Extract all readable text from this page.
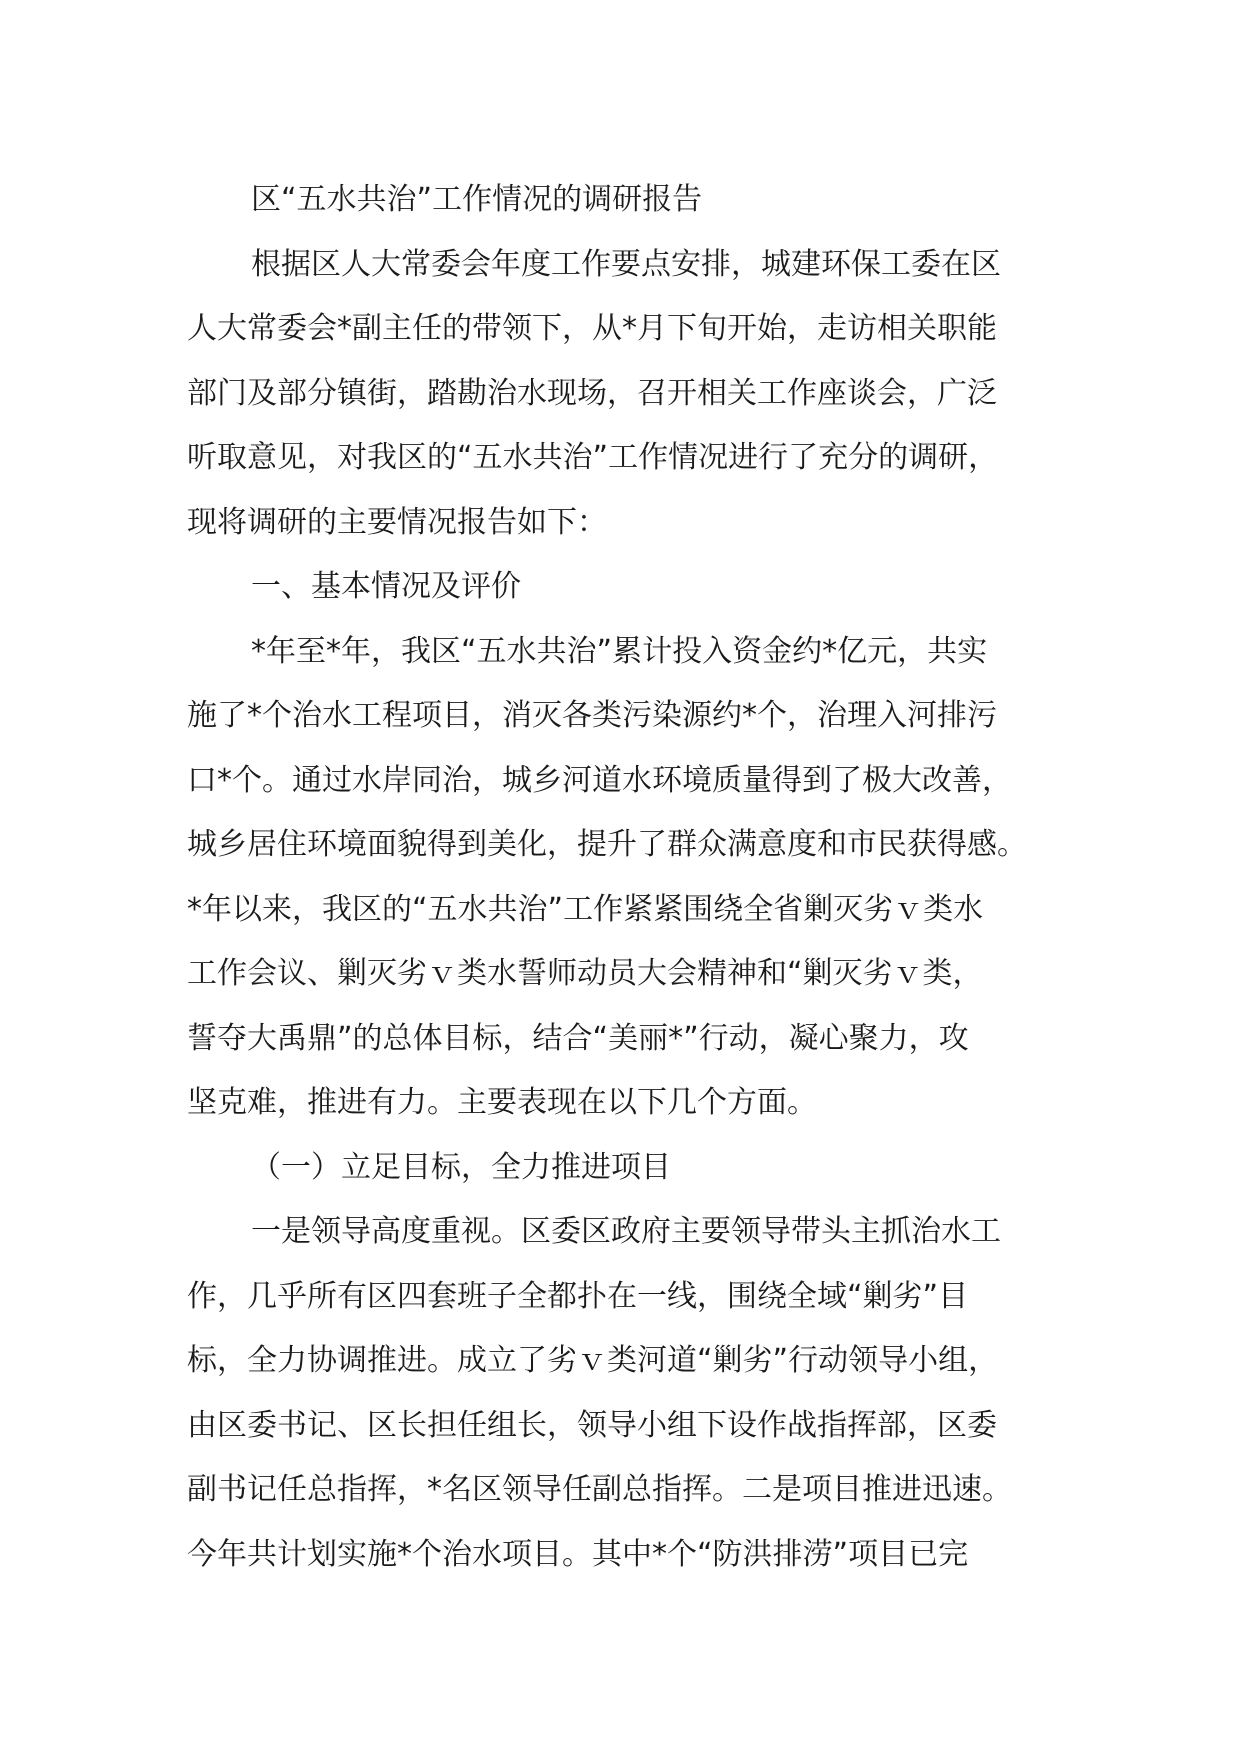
区“五水共治”工作情况的调研报告
根据区人大常委会年度工作要点安排，城建环保工委在区
人大常委会*副主任的带领下，从*月下旬开始，走访相关职能
部门及部分镇街，踏勘治水现场，召开相关工作座谈会，广泛
听取意见，对我区的“五水共治”工作情况进行了充分的调研，
现将调研的主要情况报告如下：
一、基本情况及评价
*年至*年，我区“五水共治”累计投入资金约*亿元，共实
施了*个治水工程项目，消灭各类污染源约*个，治理入河排污
口*个。通过水岸同治，城乡河道水环境质量得到了极大改善，
城乡居住环境面貌得到美化，提升了群众满意度和市民获得感。
*年以来，我区的“五水共治”工作紧紧围绕全省剿灭劣ｖ类水
工作会议、剿灭劣ｖ类水誓师动员大会精神和“剿灭劣ｖ类，
誓夺大禹鼎”的总体目标，结合“美丽*”行动，凝心聚力，攻
坚克难，推进有力。主要表现在以下几个方面。
（一）立足目标，全力推进项目
一是领导高度重视。区委区政府主要领导带头主抓治水工
作，几乎所有区四套班子全都扑在一线，围绕全域“剿劣”目
标，全力协调推进。成立了劣ｖ类河道“剿劣”行动领导小组，
由区委书记、区长担任组长，领导小组下设作战指挥部，区委
副书记任总指挥，*名区领导任副总指挥。二是项目推进迅速。
今年共计划实施*个治水项目。其中*个“防洪排涝”项目已完
